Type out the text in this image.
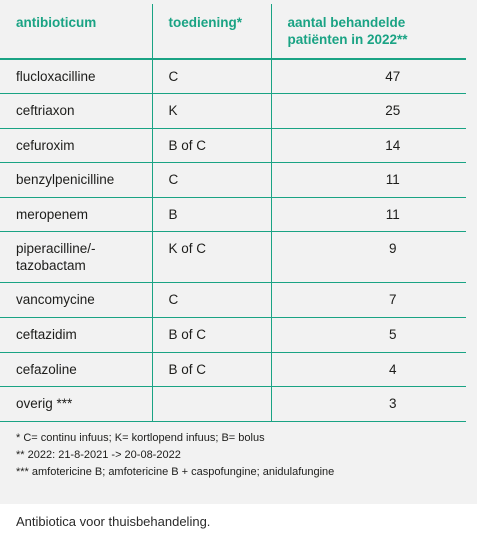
antibioticum	toediening*	aantal behandelde patiënten in 2022**
flucloxacilline	C	47
ceftriaxon	K	25
cefuroxim	B of C	14
benzylpenicilline	C	11
meropenem	B	11
piperacilline/-
tazobactam	K of C	9
vancomycine	C	7
ceftazidim	B of C	5
cefazoline	B of C	4
overig ***		3
* C= continu infuus; K= kortlopend infuus; B= bolus
** 2022: 21-8-2021 -> 20-08-2022
*** amfotericine B; amfotericine B + caspofungine; anidulafungine
Antibiotica voor thuisbehandeling.
